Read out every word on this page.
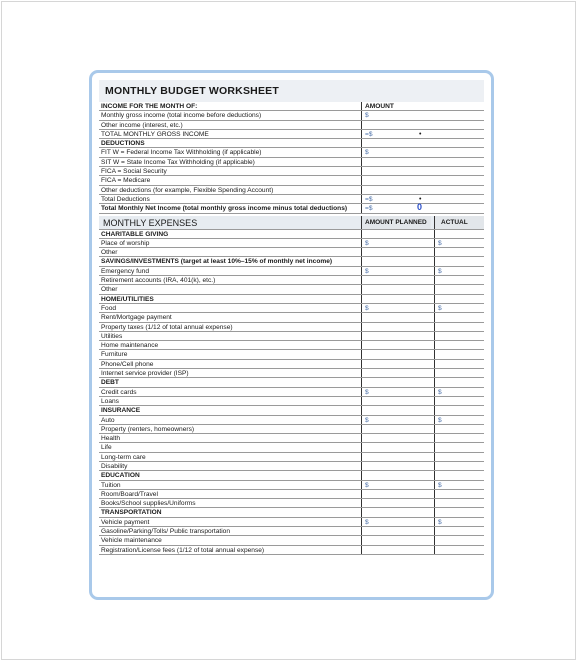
MONTHLY BUDGET WORKSHEET
INCOME FOR THE MONTH OF:	AMOUNT
Monthly gross income (total income before deductions)	$
Other income (interest, etc.)
TOTAL MONTHLY GROSS INCOME	=$	•
DEDUCTIONS
FIT W = Federal Income Tax Withholding (if applicable)	$
SIT W = State Income Tax Withholding (if applicable)
FICA = Social Security
FICA = Medicare
Other deductions (for example, Flexible Spending Account)
Total Deductions	=$	•
Total Monthly Net Income (total monthly gross income minus total deductions)	=$	0
MONTHLY EXPENSES	AMOUNT PLANNED	ACTUAL
CHARITABLE GIVING
Place of worship	$	$
Other
SAVINGS/INVESTMENTS (target at least 10%–15% of monthly net income)
Emergency fund	$	$
Retirement accounts (IRA, 401(k), etc.)
Other
HOME/UTILITIES
Food	$	$
Rent/Mortgage payment
Property taxes (1/12 of total annual expense)
Utilities
Home maintenance
Furniture
Phone/Cell phone
Internet service provider (ISP)
DEBT
Credit cards	$	$
Loans
INSURANCE
Auto	$	$
Property (renters, homeowners)
Health
Life
Long-term care
Disability
EDUCATION
Tuition	$	$
Room/Board/Travel
Books/School supplies/Uniforms
TRANSPORTATION
Vehicle payment	$	$
Gasoline/Parking/Tolls/ Public transportation
Vehicle maintenance
Registration/License fees (1/12 of total annual expense)
